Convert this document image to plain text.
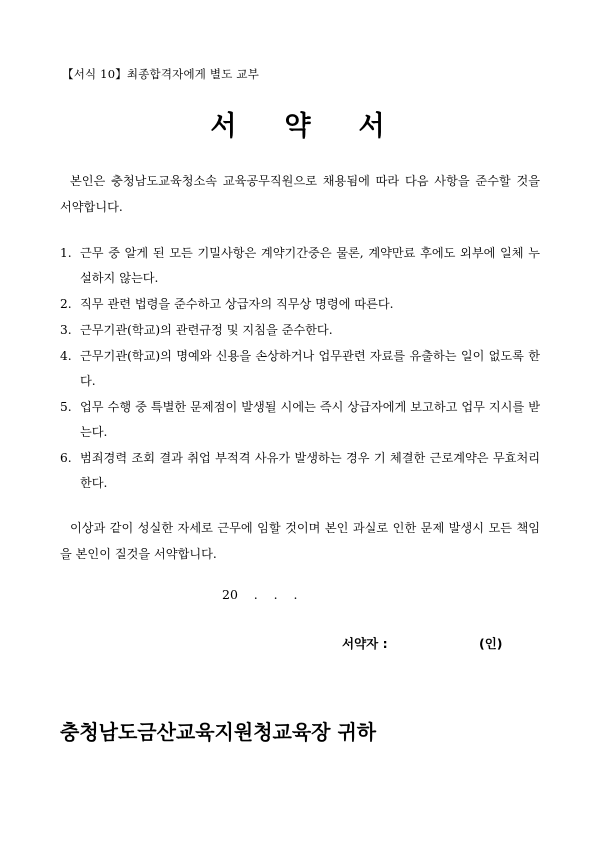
【서식 10】최종합격자에게 별도 교부
서 약 서
본인은 충청남도교육청소속 교육공무직원으로 채용됨에 따라 다음 사항을 준수할 것을 서약합니다.
1. 근무 중 알게 된 모든 기밀사항은 계약기간중은 물론, 계약만료 후에도 외부에 일체 누설하지 않는다.
2. 직무 관련 법령을 준수하고 상급자의 직무상 명령에 따른다.
3. 근무기관(학교)의 관련규정 및 지침을 준수한다.
4. 근무기관(학교)의 명예와 신용을 손상하거나 업무관련 자료를 유출하는 일이 없도록 한다.
5. 업무 수행 중 특별한 문제점이 발생될 시에는 즉시 상급자에게 보고하고 업무 지시를 받는다.
6. 범죄경력 조회 결과 취업 부적격 사유가 발생하는 경우 기 체결한 근로계약은 무효처리한다.
이상과 같이 성실한 자세로 근무에 임할 것이며 본인 과실로 인한 문제 발생시 모든 책임을 본인이 질것을 서약합니다.
20    .    .    .
서약자 :	(인)
충청남도금산교육지원청교육장 귀하
